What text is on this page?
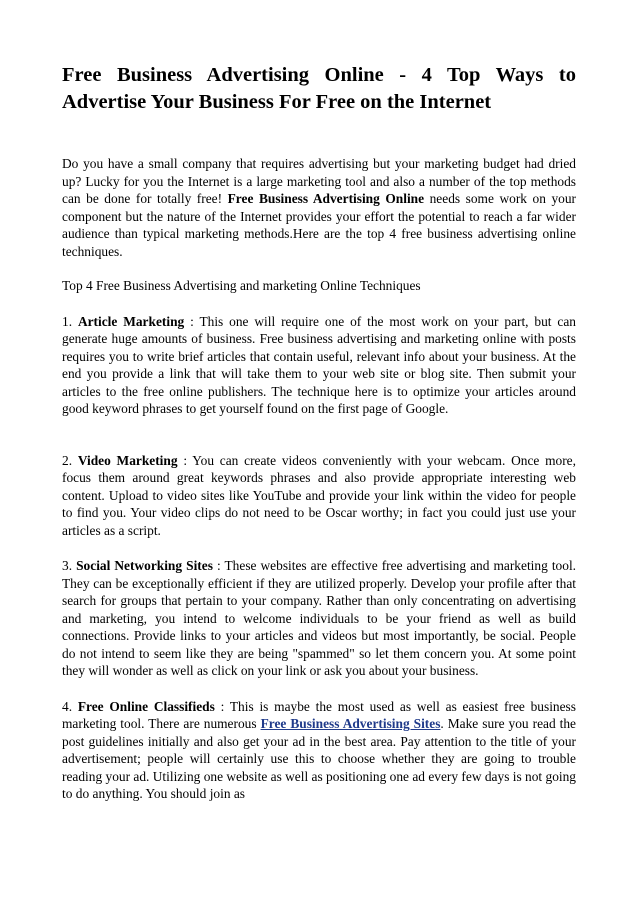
Free Business Advertising Online - 4 Top Ways to Advertise Your Business For Free on the Internet

Do you have a small company that requires advertising but your marketing budget had dried up? Lucky for you the Internet is a large marketing tool and also a number of the top methods can be done for totally free! Free Business Advertising Online needs some work on your component but the nature of the Internet provides your effort the potential to reach a far wider audience than typical marketing methods.Here are the top 4 free business advertising online techniques.

Top 4 Free Business Advertising and marketing Online Techniques

1. Article Marketing : This one will require one of the most work on your part, but can generate huge amounts of business. Free business advertising and marketing online with posts requires you to write brief articles that contain useful, relevant info about your business. At the end you provide a link that will take them to your web site or blog site. Then submit your articles to the free online publishers. The technique here is to optimize your articles around good keyword phrases to get yourself found on the first page of Google.

2. Video Marketing : You can create videos conveniently with your webcam. Once more, focus them around great keywords phrases and also provide appropriate interesting web content. Upload to video sites like YouTube and provide your link within the video for people to find you. Your video clips do not need to be Oscar worthy; in fact you could just use your articles as a script.

3. Social Networking Sites : These websites are effective free advertising and marketing tool. They can be exceptionally efficient if they are utilized properly. Develop your profile after that search for groups that pertain to your company. Rather than only concentrating on advertising and marketing, you intend to welcome individuals to be your friend as well as build connections. Provide links to your articles and videos but most importantly, be social. People do not intend to seem like they are being "spammed" so let them concern you. At some point they will wonder as well as click on your link or ask you about your business.

4. Free Online Classifieds : This is maybe the most used as well as easiest free business marketing tool. There are numerous Free Business Advertising Sites. Make sure you read the post guidelines initially and also get your ad in the best area. Pay attention to the title of your advertisement; people will certainly use this to choose whether they are going to trouble reading your ad. Utilizing one website as well as positioning one ad every few days is not going to do anything. You should join as
